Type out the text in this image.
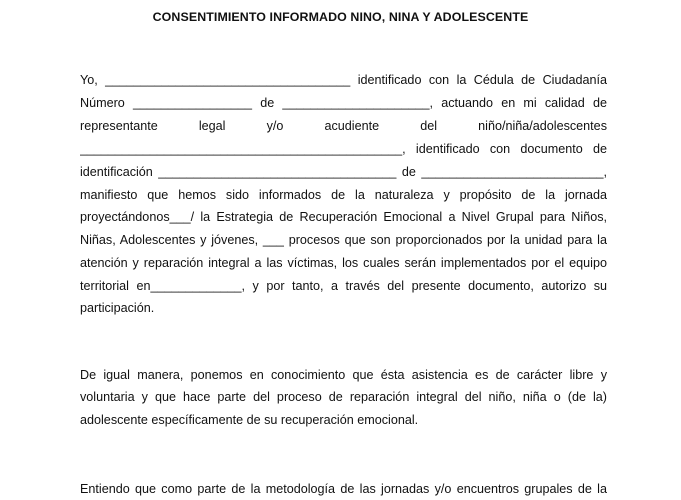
CONSENTIMIENTO INFORMADO NINO, NINA Y ADOLESCENTE
Yo, ___________________________________ identificado con la Cédula de Ciudadanía
Número _________________ de _____________________, actuando en mi calidad de
representante legal y/o acudiente del niño/niña/adolescentes
______________________________________________, identificado con documento de
identificación __________________________________ de __________________________,
manifiesto que hemos sido informados de la naturaleza y propósito de la jornada
proyectándonos___/ la Estrategia de Recuperación Emocional a Nivel Grupal para Niños,
Niñas, Adolescentes y jóvenes, ___ procesos que son proporcionados por la unidad para la
atención y reparación integral a las víctimas, los cuales serán implementados por el equipo
territorial en_____________, y por tanto, a través del presente documento, autorizo su
participación.
De igual manera, ponemos en conocimiento que ésta asistencia es de carácter libre y
voluntaria y que hace parte del proceso de reparación integral del niño, niña o (de la)
adolescente específicamente de su recuperación emocional.
Entiendo que como parte de la metodología de las jornadas y/o encuentros grupales de la
